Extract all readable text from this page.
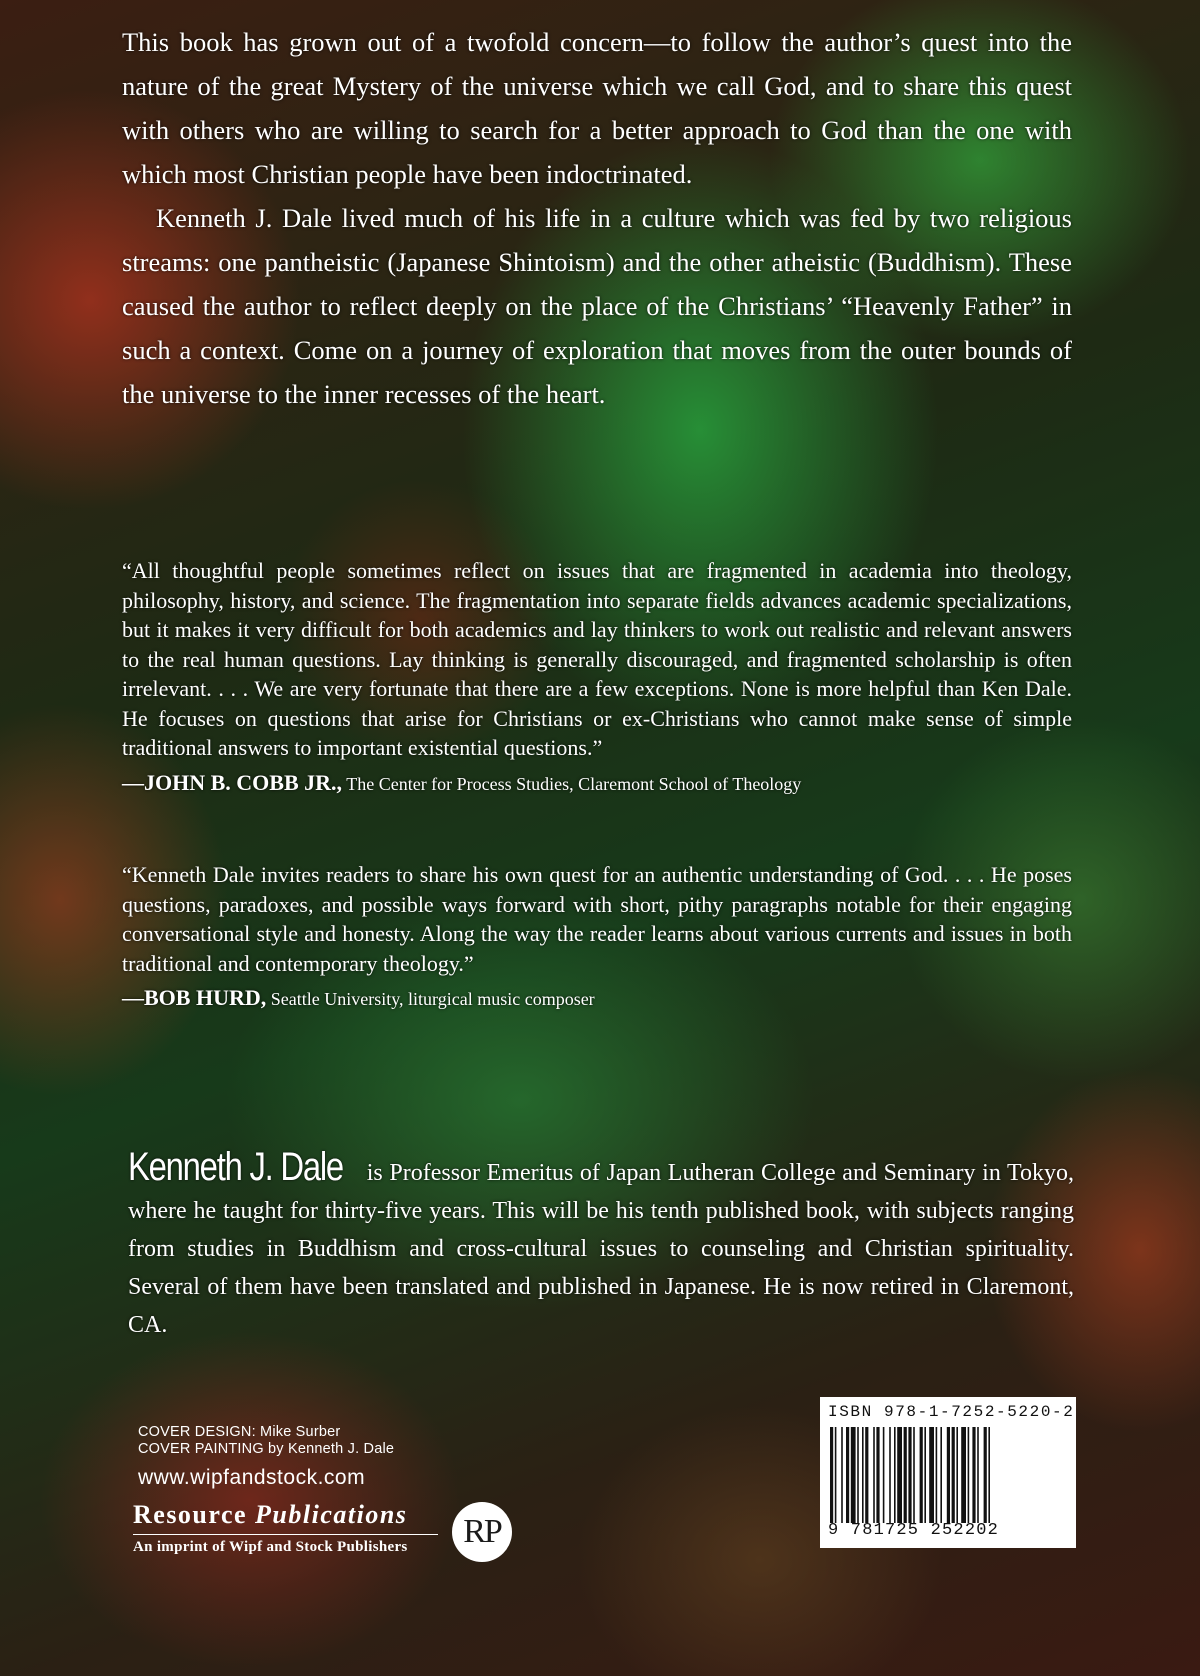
This book has grown out of a twofold concern—to follow the author’s quest into the nature of the great Mystery of the universe which we call God, and to share this quest with others who are willing to search for a better approach to God than the one with which most Christian people have been indoctrinated.

Kenneth J. Dale lived much of his life in a culture which was fed by two religious streams: one pantheistic (Japanese Shintoism) and the other atheistic (Buddhism). These caused the author to reflect deeply on the place of the Christians’ “Heavenly Father” in such a context. Come on a journey of exploration that moves from the outer bounds of the universe to the inner recesses of the heart.

“All thoughtful people sometimes reflect on issues that are fragmented in academia into theology, philosophy, history, and science. The fragmentation into separate fields advances academic specializations, but it makes it very difficult for both academics and lay thinkers to work out realistic and relevant answers to the real human questions. Lay thinking is generally discouraged, and fragmented scholarship is often irrelevant. . . . We are very fortunate that there are a few exceptions. None is more helpful than Ken Dale. He focuses on questions that arise for Christians or ex-Christians who cannot make sense of simple traditional answers to important existential questions.”

—JOHN B. COBB JR., The Center for Process Studies, Claremont School of Theology

“Kenneth Dale invites readers to share his own quest for an authentic understanding of God. . . . He poses questions, paradoxes, and possible ways forward with short, pithy paragraphs notable for their engaging conversational style and honesty. Along the way the reader learns about various currents and issues in both traditional and contemporary theology.”

—BOB HURD, Seattle University, liturgical music composer

Kenneth J. Dale is Professor Emeritus of Japan Lutheran College and Seminary in Tokyo, where he taught for thirty-five years. This will be his tenth published book, with subjects ranging from studies in Buddhism and cross-cultural issues to counseling and Christian spirituality. Several of them have been translated and published in Japanese. He is now retired in Claremont, CA.

COVER DESIGN: Mike Surber
COVER PAINTING by Kenneth J. Dale
www.wipfandstock.com
Resource Publications
An imprint of Wipf and Stock Publishers	RP
ISBN 978-1-7252-5220-2
9 781725 252202
